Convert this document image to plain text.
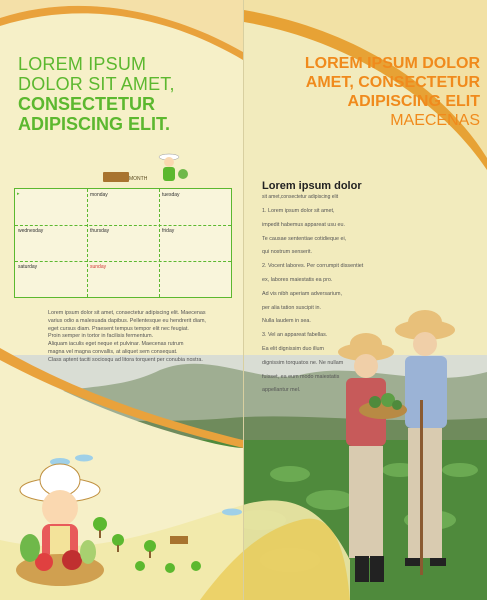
LOREM IPSUM
DOLOR SIT AMET,
CONSECTETUR
ADIPISCING ELIT.
LOREM IPSUM DOLOR
AMET, CONSECTETUR
ADIPISCING ELIT
MAECENAS
MONTH
▸	monday	tuesday
wednesday	thursday	friday
saturday	sunday
Lorem ipsum dolor sit amet, consectetur adipiscing elit. Maecenas
varius odio a malesuada dapibus. Pellentesque eu hendrerit diam,
eget cursus diam. Praesent tempus tempor elit nec feugiat.
Proin semper in tortor in facilisis fermentum.
Aliquam iaculis eget neque et pulvinar. Maecenas rutrum
magna vel magna convallis, at aliquet sem consequat.
Class aptent taciti sociosqu ad litora torquent per conubia nostra.
Lorem ipsum dolor
sit amet,consectetur adipiscing elit
1. Lorem ipsum dolor sit amet,
impedit habemus appareat usu eu.
Te causae sententiae cotidieque ei,
qui nostrum senserit.
2. Vocent labores. Per corrumpit dissentiet
ex, labores maiestatis ea pro.
Ad vis nibh aperiam adversarium,
per alia tation suscipit in.
Nulla laudem in sea.
3. Vel an appareat fabellas.
Ea elit dignissim duo illum
dignissim torquatos ne. Ne nullam
fuisset, ea eum modo maiestatis
appellantur mel.
